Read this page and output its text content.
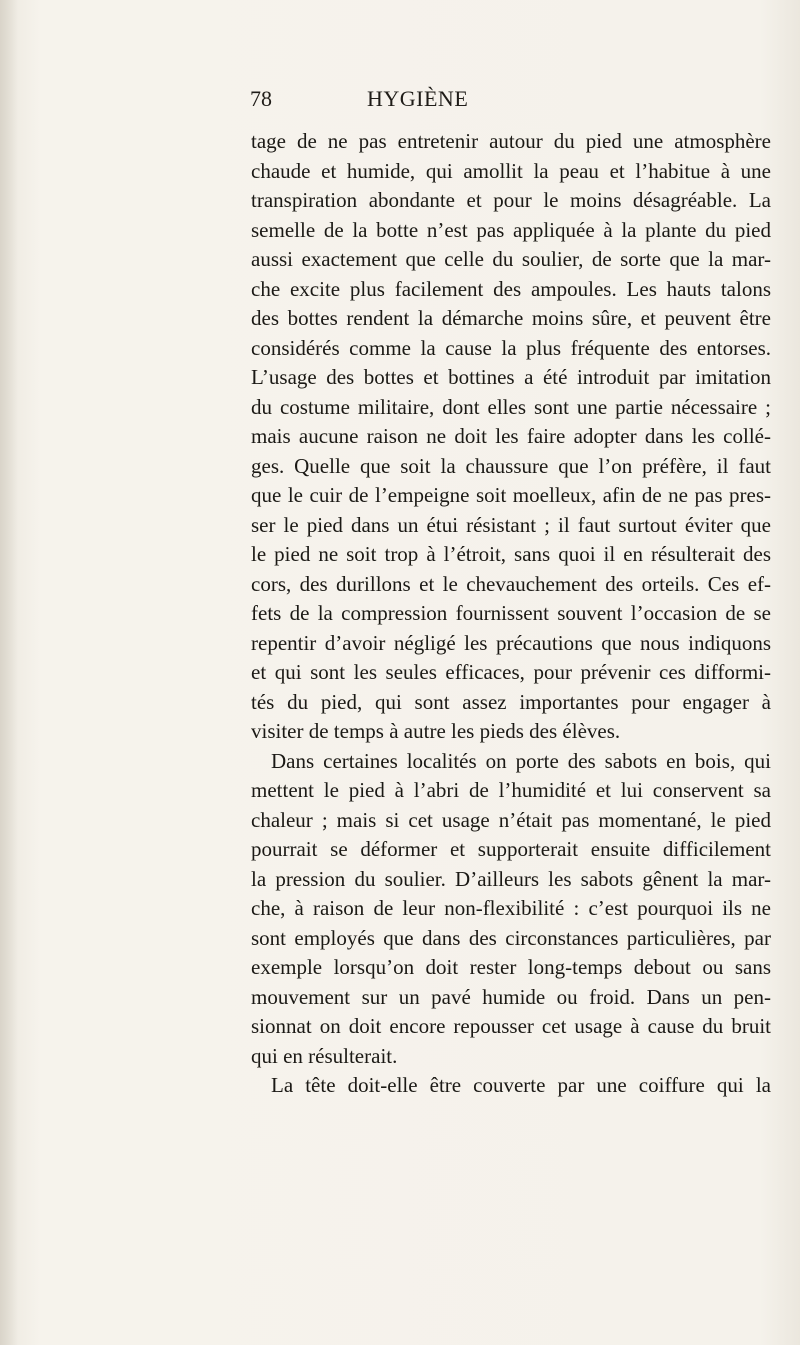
78	HYGIÈNE
tage de ne pas entretenir autour du pied une atmosphère
chaude et humide, qui amollit la peau et l’habitue à une
transpiration abondante et pour le moins désagréable. La
semelle de la botte n’est pas appliquée à la plante du pied
aussi exactement que celle du soulier, de sorte que la mar-
che excite plus facilement des ampoules. Les hauts talons
des bottes rendent la démarche moins sûre, et peuvent être
considérés comme la cause la plus fréquente des entorses.
L’usage des bottes et bottines a été introduit par imitation
du costume militaire, dont elles sont une partie nécessaire ;
mais aucune raison ne doit les faire adopter dans les collé-
ges. Quelle que soit la chaussure que l’on préfère, il faut
que le cuir de l’empeigne soit moelleux, afin de ne pas pres-
ser le pied dans un étui résistant ; il faut surtout éviter que
le pied ne soit trop à l’étroit, sans quoi il en résulterait des
cors, des durillons et le chevauchement des orteils. Ces ef-
fets de la compression fournissent souvent l’occasion de se
repentir d’avoir négligé les précautions que nous indiquons
et qui sont les seules efficaces, pour prévenir ces difformi-
tés du pied, qui sont assez importantes pour engager à
visiter de temps à autre les pieds des élèves.
Dans certaines localités on porte des sabots en bois, qui
mettent le pied à l’abri de l’humidité et lui conservent sa
chaleur ; mais si cet usage n’était pas momentané, le pied
pourrait se déformer et supporterait ensuite difficilement
la pression du soulier. D’ailleurs les sabots gênent la mar-
che, à raison de leur non-flexibilité : c’est pourquoi ils ne
sont employés que dans des circonstances particulières, par
exemple lorsqu’on doit rester long-temps debout ou sans
mouvement sur un pavé humide ou froid. Dans un pen-
sionnat on doit encore repousser cet usage à cause du bruit
qui en résulterait.
La tête doit-elle être couverte par une coiffure qui la
